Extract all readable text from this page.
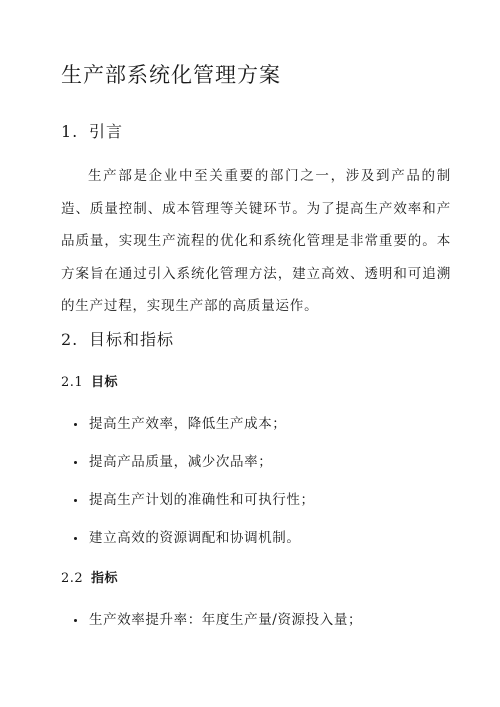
生产部系统化管理方案
1. 引言

生产部是企业中至关重要的部门之一，涉及到产品的制造、质量控制、成本管理等关键环节。为了提高生产效率和产品质量，实现生产流程的优化和系统化管理是非常重要的。本方案旨在通过引入系统化管理方法，建立高效、透明和可追溯的生产过程，实现生产部的高质量运作。

2. 目标和指标
2.1 目标
提高生产效率，降低生产成本；
提高产品质量，减少次品率；
提高生产计划的准确性和可执行性；
建立高效的资源调配和协调机制。
2.2 指标
生产效率提升率：年度生产量/资源投入量；
